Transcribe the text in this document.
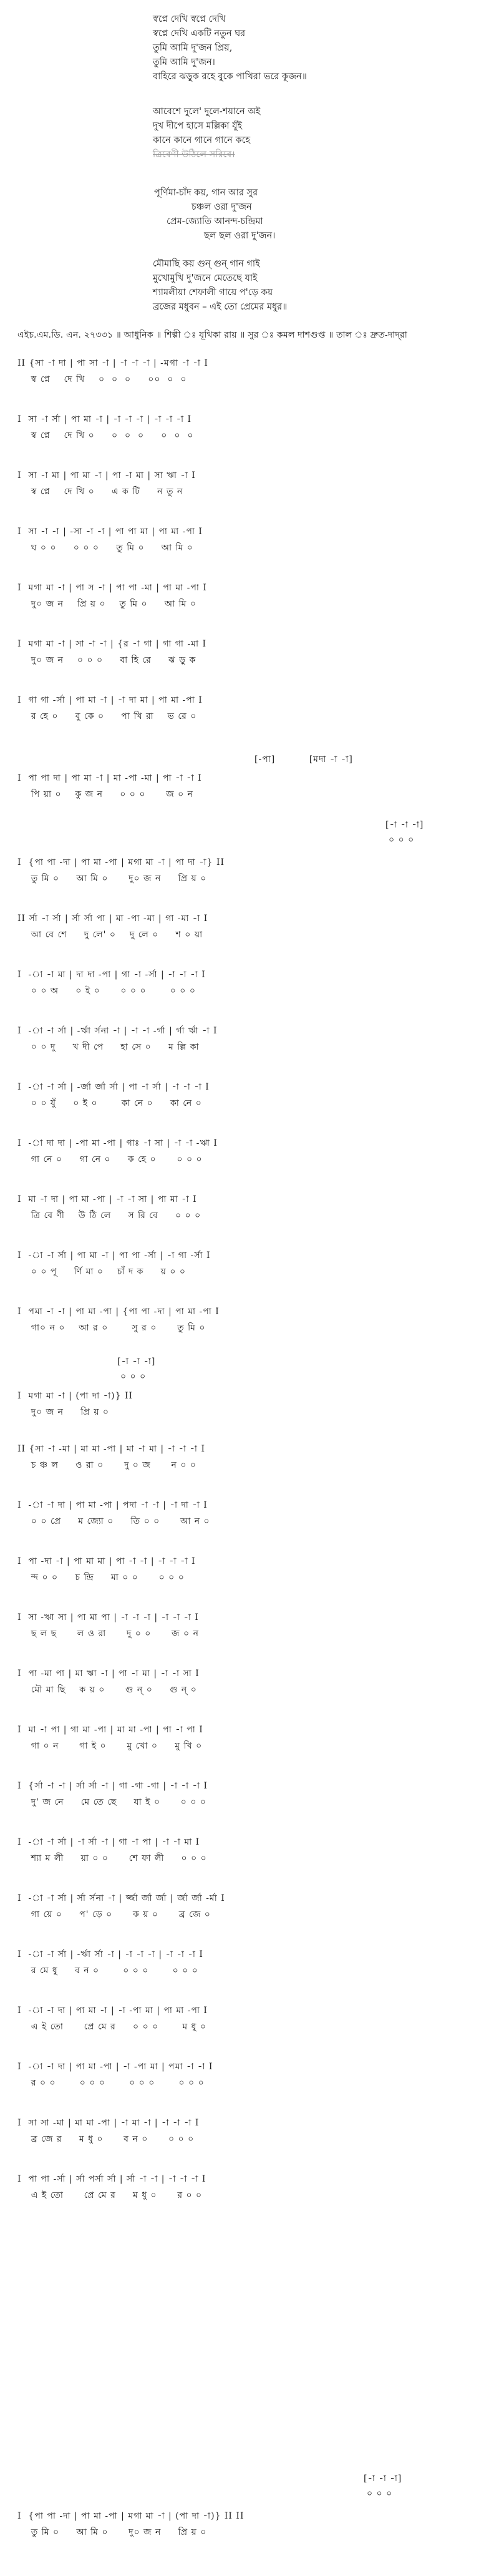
স্বপ্নে দেখি স্বপ্নে দেখি
স্বপ্নে দেখি একটি নতুন ঘর
তুমি আমি দু'জন প্রিয়,
তুমি আমি দু'জন।
বাহিরে ঝড়ুক রহে বুকে পাখিরা ভরে কূজন॥
আবেশে দুলে' দুলে-শয়ানে অই
দুখ দীপে হাসে মল্লিকা যুঁই
কানে কানে গানে গানে কহে
ত্রিবেণী উঠিলে সরিবে।
পূর্ণিমা-চাঁদ কয়, গান আর সুর
চঞ্চল ওরা দু'জন
প্রেম-জ্যোতি আনন্দ-চন্দ্রিমা
ছল ছল ওরা দু'জন।
মৌমাছি কয় গুন্ গুন্ গান গাই
মুখোমুখি দু'জনে মেতেছে যাই
শ্যামলীয়া শেফালী গায়ে প'ড়ে কয়
ব্রজের মধুবন – এই তো প্রেমের মধুর॥
এইচ.এম.ডি. এন. ২৭৩৩১ ॥ আধুনিক ॥ শিল্পী ঃ যূথিকা রায় ॥ সুর ঃ কমল দাশগুপ্ত ॥ তাল ঃ দ্রুত-দাদ্‌রা
II {সা -া দা | পা সা -া | -া -া -া | -মগা -া -া I
স্ব প্নে    দে খি    ০  ০  ০     ০০  ০  ০
I  সা -া র্সা | পা মা -া | -া -া -া | -া -া -া I
স্ব প্নে    দে খি ০     ০  ০  ০     ০  ০  ০
I  সা -া মা | পা মা -া | পা -া মা | সা ঋা -া I
স্ব প্নে    দে খি ০     এ ক টি     ন তু ন
I  সা -া -া | -সা -া -া | পা পা মা | পা মা -পা I
ঘ ০ ০     ০ ০ ০     তু মি ০     আ মি ০
I  মগা মা -া | পা স -া | পা পা -মা | পা মা -পা I
দু০ জ ন    প্রি য় ০    তু মি ০     আ মি ০
I  মগা মা -া | সা -া -া | {র -া গা | গা গা -মা I
দু০ জ ন    ০ ০ ০     বা হি রে     ঝ ড়ু ক
I  গা গা -র্সা | পা মা -া | -া দা মা | পা মা -পা I
র হে ০     বু কে ০     পা খি রা    ভ রে ০
[-পা]          [মদা -া -া]
I  পা পা দা | পা মা -া | মা -পা -মা | পা -া -া I
পি য়া ০    কু জ ন     ০ ০ ০      জ ০ ন
[-া -া -া]
০ ০ ০
I  {পা পা -দা | পা মা -পা | মগা মা -া | পা দা -া} II
তু মি ০     আ মি ০      দু০ জ ন     প্রি য় ০
II র্সা -া র্সা | র্সা র্সা পা | মা -পা -মা | গা -মা -া I
আ বে শে     দু লে' ০    দু লে ০     শ ০ য়া
I  -া -া মা | দা দা -পা | গা -া -র্সা | -া -া -া I
০ ০ অ     ০ ই ০      ০ ০ ০       ০ ০ ০
I  -া -া র্সা | -ৰ্ঋা র্সনা -া | -া -া -র্গা | র্গা র্ঋা -া I
০ ০ দু     খ দী পে     হা সে ০     ম ল্লি কা
I  -া -া র্সা | -র্জা র্জা র্সা | পা -া র্সা | -া -া -া I
০ ০ যুঁ     ০ ই ০       কা নে ০     কা নে ০
I  -া দা দা | -পা মা -পা | গাঃ -া সা | -া -া -ঋা I
গা নে ০     গা নে ০     ক হে ০      ০ ০ ০
I  মা -া দা | পা মা -পা | -া -া সা | পা মা -া I
ত্রি বে ণী    উ ঠি লে     স রি বে     ০ ০ ০
I  -া -া র্সা | পা মা -া | পা পা -র্সা | -া গা -র্সা I
০ ০ পূ     র্ণি মা ০    চাঁ দ ক     য় ০ ০
I  পমা -া -া | পা মা -পা | {পা পা -দা | পা মা -পা I
গা০ ন ০    আ র ০       সু র ০      তু মি ০
[-া -া -া]
০ ০ ০
I  মগা মা -া | (পা দা -া)} II
দু০ জ ন     প্রি য় ০
II {সা -া -মা | মা মা -পা | মা -া মা | -া -া -া I
চ ঞ্চ ল     ও রা ০      দু ০ জ      ন ০ ০
I  -া -া দা | পা মা -পা | পদা -া -া | -া দা -া I
০ ০ প্রে     ম জ্যো ০     তি ০ ০      আ ন ০
I  পা -দা -া | পা মা মা | পা -া -া | -া -া -া I
ন্দ ০ ০     চ ন্দ্রি     মা ০ ০      ০ ০ ০
I  সা -ঋা সা | পা মা পা | -া -া -া | -া -া -া I
ছ ল ছ      ল ও রা      দু ০ ০      জ ০ ন
I  পা -মা পা | মা ঋা -া | পা -া মা | -া -া সা I
মৌ মা ছি    ক য় ০      গু ন্ ০     গু ন্ ০
I  মা -া পা | গা মা -পা | মা মা -পা | পা -া পা I
গা ০ ন      গা ই ০      মু খো ০     মু খি ০
I  {র্সা -া -া | র্সা র্সা -া | গা -গা -গা | -া -া -া I
দু' জ নে     মে তে ছে     যা ই ০      ০ ০ ০
I  -া -া র্সা | -া র্সা -া | গা -া পা | -া -া মা I
শ্যা ম লী     য়া ০ ০      শে ফা লী     ০ ০ ০
I  -া -া র্সা | র্সা র্সনা -া | র্জ্জা র্জা র্জা | র্জা র্জা -র্মা I
গা য়ে ০     প' ড়ে ০      ক য় ০      ব্র জে ০
I  -া -া র্সা | -র্ঋা র্সা -া | -া -া -া | -া -া -া I
র মে ধু     ব ন ০       ০ ০ ০       ০ ০ ০
I  -া -া দা | পা মা -া | -া -পা মা | পা মা -পা I
এ ই তো      প্রে মে র     ০ ০ ০       ম ধু ০
I  -া -া দা | পা মা -পা | -া -পা মা | পমা -া -া I
র ০ ০       ০ ০ ০       ০ ০ ০       ০ ০ ০
I  সা সা -মা | মা মা -পা | -া মা -া | -া -া -া I
ব্র জে র     ম ধু ০      ব ন ০      ০ ০ ০
I  পা পা -র্সা | র্সা পর্সা র্সা | র্সা -া -া | -া -া -া I
এ ই তো      প্রে মে র     ম ধু ০      র ০ ০
[-া -া -া]
০ ০ ০
I  {পা পা -দা | পা মা -পা | মগা মা -া | (পা দা -া)} II II
তু মি ০     আ মি ০      দু০ জ ন     প্রি য় ০
